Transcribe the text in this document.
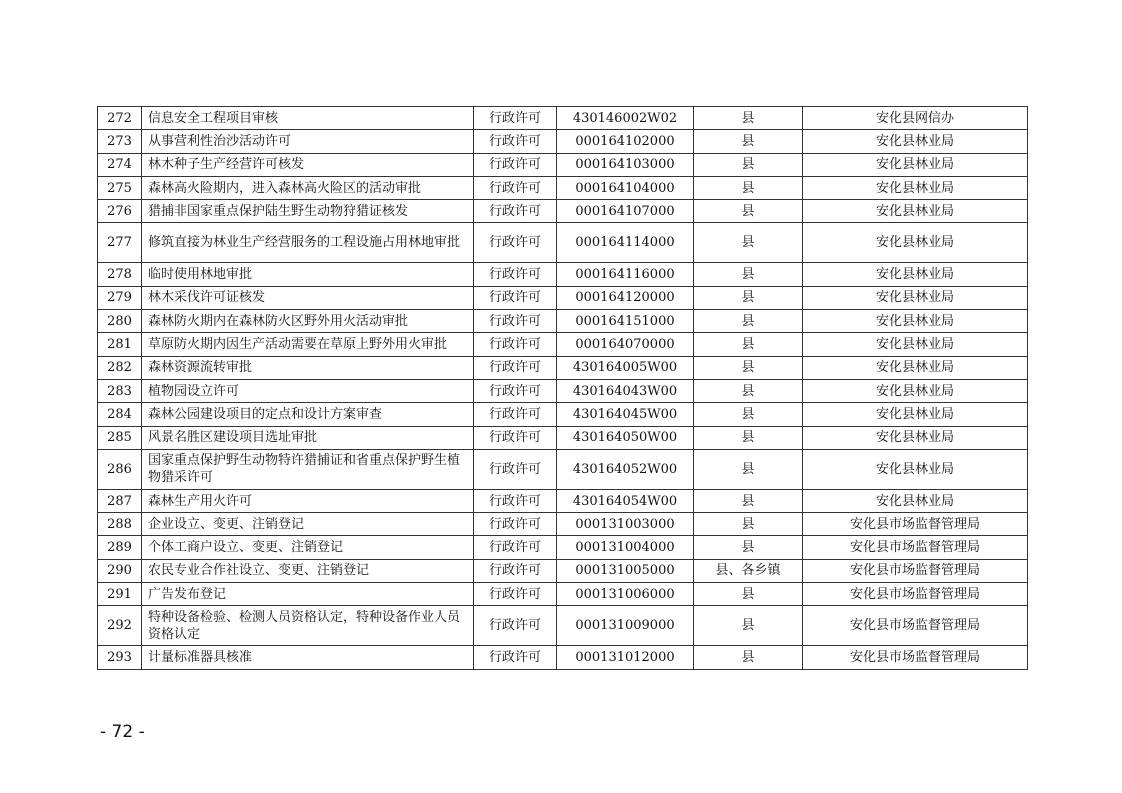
272	信息安全工程项目审核	行政许可	430146002W02	县	安化县网信办
273	从事营利性治沙活动许可	行政许可	000164102000	县	安化县林业局
274	林木种子生产经营许可核发	行政许可	000164103000	县	安化县林业局
275	森林高火险期内，进入森林高火险区的活动审批	行政许可	000164104000	县	安化县林业局
276	猎捕非国家重点保护陆生野生动物狩猎证核发	行政许可	000164107000	县	安化县林业局
277	修筑直接为林业生产经营服务的工程设施占用林地审批	行政许可	000164114000	县	安化县林业局
278	临时使用林地审批	行政许可	000164116000	县	安化县林业局
279	林木采伐许可证核发	行政许可	000164120000	县	安化县林业局
280	森林防火期内在森林防火区野外用火活动审批	行政许可	000164151000	县	安化县林业局
281	草原防火期内因生产活动需要在草原上野外用火审批	行政许可	000164070000	县	安化县林业局
282	森林资源流转审批	行政许可	430164005W00	县	安化县林业局
283	植物园设立许可	行政许可	430164043W00	县	安化县林业局
284	森林公园建设项目的定点和设计方案审查	行政许可	430164045W00	县	安化县林业局
285	风景名胜区建设项目选址审批	行政许可	430164050W00	县	安化县林业局
286	国家重点保护野生动物特许猎捕证和省重点保护野生植物猎采许可	行政许可	430164052W00	县	安化县林业局
287	森林生产用火许可	行政许可	430164054W00	县	安化县林业局
288	企业设立、变更、注销登记	行政许可	000131003000	县	安化县市场监督管理局
289	个体工商户设立、变更、注销登记	行政许可	000131004000	县	安化县市场监督管理局
290	农民专业合作社设立、变更、注销登记	行政许可	000131005000	县、各乡镇	安化县市场监督管理局
291	广告发布登记	行政许可	000131006000	县	安化县市场监督管理局
292	特种设备检验、检测人员资格认定，特种设备作业人员资格认定	行政许可	000131009000	县	安化县市场监督管理局
293	计量标准器具核准	行政许可	000131012000	县	安化县市场监督管理局
- 72 -
